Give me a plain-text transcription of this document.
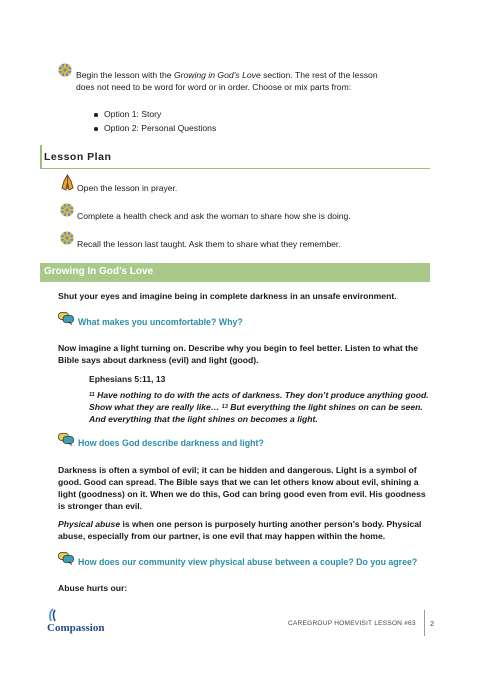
Begin the lesson with the Growing in God’s Love section. The rest of the lesson
does not need to be word for word or in order. Choose or mix parts from:
Option 1: Story
Option 2: Personal Questions
Lesson Plan
Open the lesson in prayer.
Complete a health check and ask the woman to share how she is doing.
Recall the lesson last taught. Ask them to share what they remember.
Growing In God’s Love
Shut your eyes and imagine being in complete darkness in an unsafe environment.
What makes you uncomfortable? Why?
Now imagine a light turning on. Describe why you begin to feel better. Listen to what the
Bible says about darkness (evil) and light (good).
Ephesians 5:11, 13
$^{11}$ Have nothing to do with the acts of darkness. They don’t produce anything good.
Show what they are really like… $^{13}$ But everything the light shines on can be seen.
And everything that the light shines on becomes a light.
How does God describe darkness and light?
Darkness is often a symbol of evil; it can be hidden and dangerous. Light is a symbol of
good. Good can spread. The Bible says that we can let others know about evil, shining a
light (goodness) on it. When we do this, God can bring good even from evil. His goodness
is stronger than evil.
Physical abuse is when one person is purposely hurting another person’s body. Physical
abuse, especially from our partner, is one evil that may happen within the home.
How does our community view physical abuse between a couple? Do you agree?
Abuse hurts our:
Compassion	CAREGROUP HOMEVISIT LESSON #63 2
